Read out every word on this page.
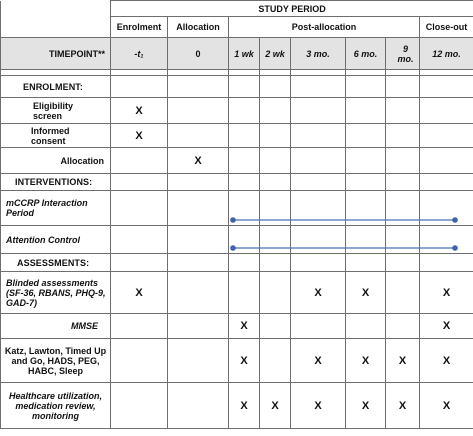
	STUDY PERIOD							
	Enrolment	Allocation	Post-allocation					Close-out
TIMEPOINT**	-t₁	0	1 wk	2 wk	3 mo.	6 mo.	9 mo.	12 mo.

ENROLMENT:								
Eligibility screen	X							
Informed consent	X							
Allocation		X						
INTERVENTIONS:								
mCCRP Interaction Period								
Attention Control								
ASSESSMENTS:								
Blinded assessments (SF-36, RBANS, PHQ-9, GAD-7)	X				X	X		X
MMSE			X					X
Katz, Lawton, Timed Up and Go, HADS, PEG, HABC, Sleep			X		X	X	X	X
Healthcare utilization, medication review, monitoring			X	X	X	X	X	X
